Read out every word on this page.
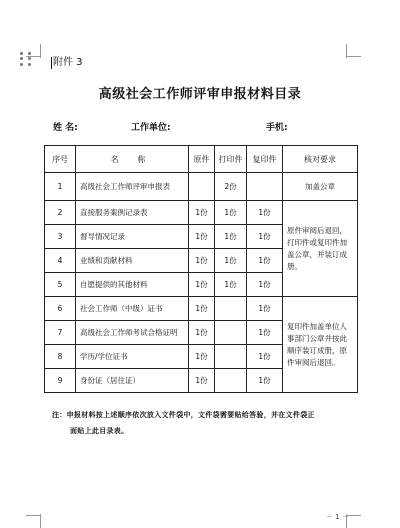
附件 3
高级社会工作师评审申报材料目录
姓 名:	工作单位:	手机:
序号	名 称	原件	打印件	复印件	核对要求
1	高级社会工作师评审申报表		2份		加盖公章
2	直接服务案例记录表	1份	1份	1份	原件审阅后退回，打印件或复印件加盖公章，并装订成册。
3	督导情况记录	1份	1份	1份	
4	业绩和贡献材料	1份	1份	1份	
5	自愿提供的其他材料	1份	1份	1份	
6	社会工作师（中级）证书	1份		1份	复印件加盖单位人事部门公章并按此顺序装订成册，原件审阅后退回。
7	高级社会工作师考试合格证明	1份		1份	
8	学历/学位证书	1份		1份	
9	身份证（居住证）	1份		1份	
注：申报材料按上述顺序依次放入文件袋中，文件袋需要贴给答验，并在文件袋正
面贴上此目录表。
－ 1 －
